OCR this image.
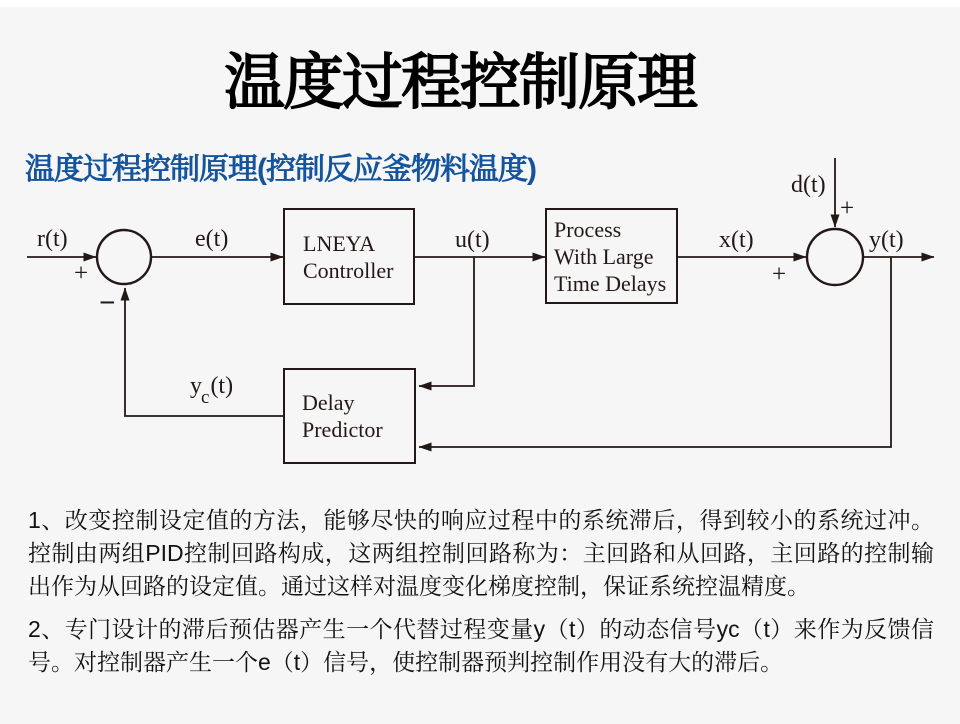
温度过程控制原理
温度过程控制原理(控制反应釜物料温度)
r(t)	e(t)	u(t)	x(t)
d(t)
y(t)
$y_c(t)$
+
−
+
+
LNEYA
Controller
Process
With Large
Time Delays
Delay
Predictor

1、改变控制设定值的方法，能够尽快的响应过程中的系统滞后，得到较小的系统过冲。控制由两组PID控制回路构成，这两组控制回路称为：主回路和从回路，主回路的控制输出作为从回路的设定值。通过这样对温度变化梯度控制，保证系统控温精度。

2、专门设计的滞后预估器产生一个代替过程变量y（t）的动态信号yc（t）来作为反馈信号。对控制器产生一个e（t）信号，使控制器预判控制作用没有大的滞后。
